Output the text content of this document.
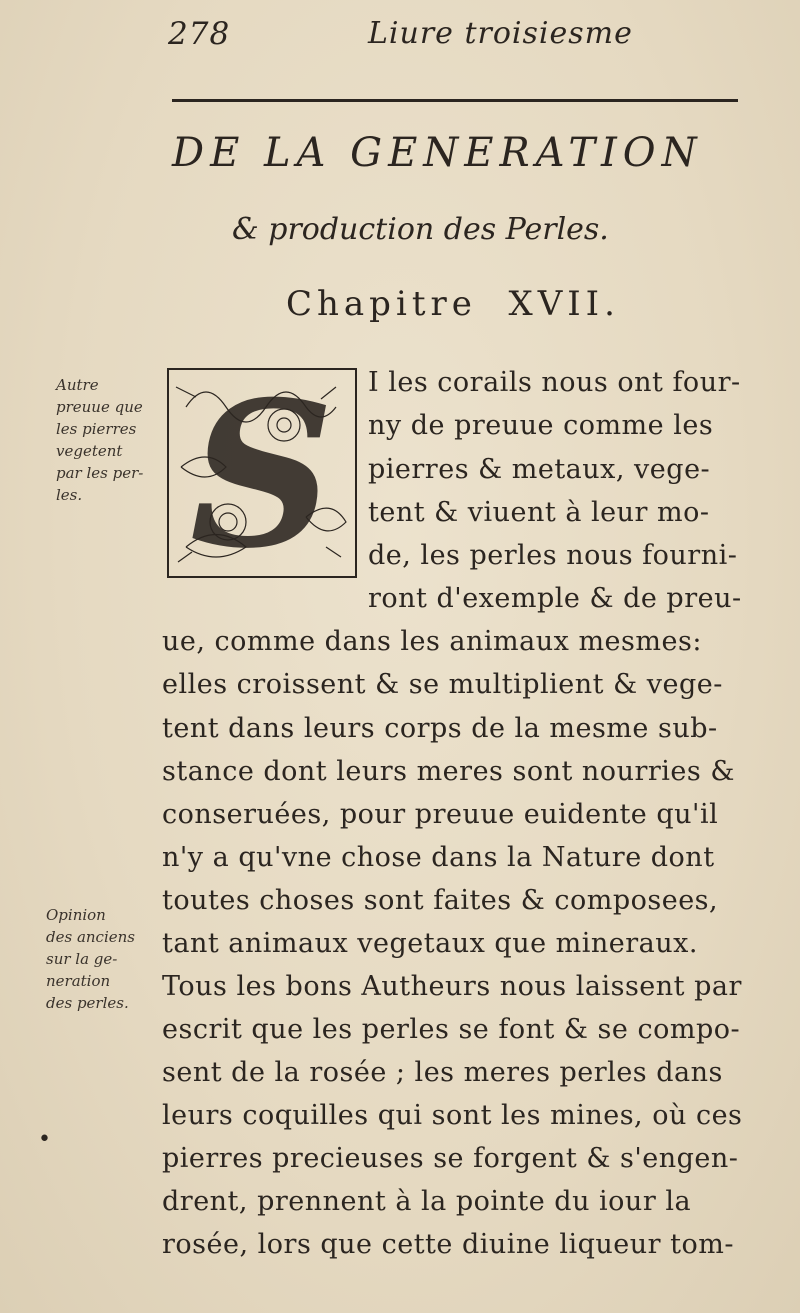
278	Liure troisiesme
DE LA GENERATION
& production des Perles.
Chapitre XVII.
Autre
preuue que
les pierres
vegetent
par les per-
les.
Opinion
des anciens
sur la ge-
neration
des perles.
S I les corails nous ont four-
ny de preuue comme les
pierres & metaux, vege-
tent & viuent à leur mo-
de, les perles nous fourni-
ront d'exemple & de preu-
ue, comme dans les animaux mesmes:
elles croissent & se multiplient & vege-
tent dans leurs corps de la mesme sub-
stance dont leurs meres sont nourries &
conseruées, pour preuue euidente qu'il
n'y a qu'vne chose dans la Nature dont
toutes choses sont faites & composees,
tant animaux vegetaux que mineraux.
Tous les bons Autheurs nous laissent par
escrit que les perles se font & se compo-
sent de la rosée ; les meres perles dans
leurs coquilles qui sont les mines, où ces
pierres precieuses se forgent & s'engen-
drent, prennent à la pointe du iour la
rosée, lors que cette diuine liqueur tom-
•
